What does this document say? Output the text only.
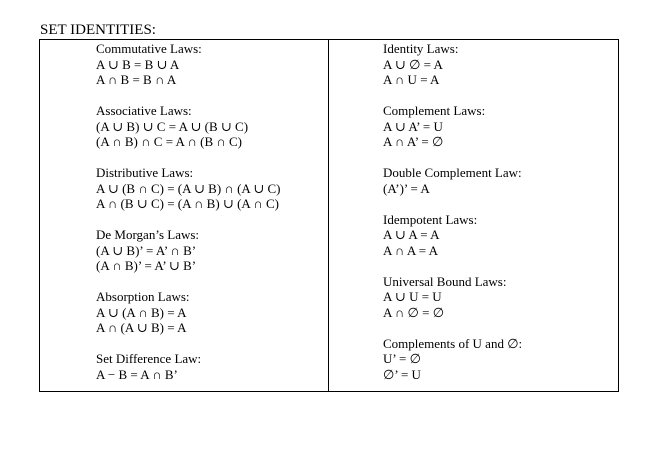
SET IDENTITIES:
Commutative Laws:
A ∪ B = B ∪ A
A ∩ B = B ∩ A
Associative Laws:
(A ∪ B) ∪ C = A ∪ (B ∪ C)
(A ∩ B) ∩ C = A ∩ (B ∩ C)
Distributive Laws:
A ∪ (B ∩ C) = (A ∪ B) ∩ (A ∪ C)
A ∩ (B ∪ C) = (A ∩ B) ∪ (A ∩ C)
De Morgan’s Laws:
(A ∪ B)’ = A’ ∩ B’
(A ∩ B)’ = A’ ∪ B’
Absorption Laws:
A ∪ (A ∩ B) = A
A ∩ (A ∪ B) = A
Set Difference Law:
A − B = A ∩ B’
Identity Laws:
A ∪ ∅ = A
A ∩ U = A
Complement Laws:
A ∪ A’ = U
A ∩ A’ = ∅
Double Complement Law:
(A’)’ = A
Idempotent Laws:
A ∪ A = A
A ∩ A = A
Universal Bound Laws:
A ∪ U = U
A ∩ ∅ = ∅
Complements of U and ∅:
U’ = ∅
∅’ = U
